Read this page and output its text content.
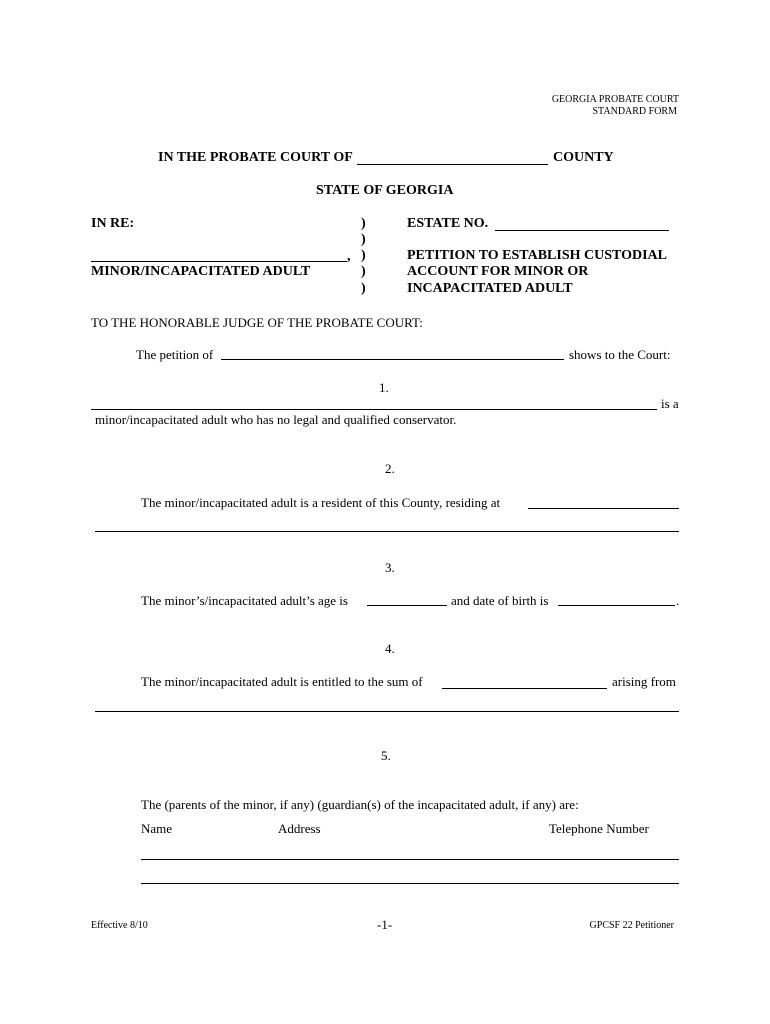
GEORGIA PROBATE COURT
STANDARD FORM
IN THE PROBATE COURT OF	COUNTY
STATE OF GEORGIA
IN RE:
,
MINOR/INCAPACITATED ADULT
)
)
)
)
)
ESTATE NO.
PETITION TO ESTABLISH CUSTODIAL
ACCOUNT FOR MINOR OR
INCAPACITATED ADULT
TO THE HONORABLE JUDGE OF THE PROBATE COURT:
The petition of	shows to the Court:
1.
is a
minor/incapacitated adult who has no legal and qualified conservator.
2.
The minor/incapacitated adult is a resident of this County, residing at
3.
The minor’s/incapacitated adult’s age is	and date of birth is	.
4.
The minor/incapacitated adult is entitled to the sum of	arising from
5.
The (parents of the minor, if any) (guardian(s) of the incapacitated adult, if any) are:
Name	Address	Telephone Number
Effective 8/10	-1-	GPCSF 22 Petitioner
